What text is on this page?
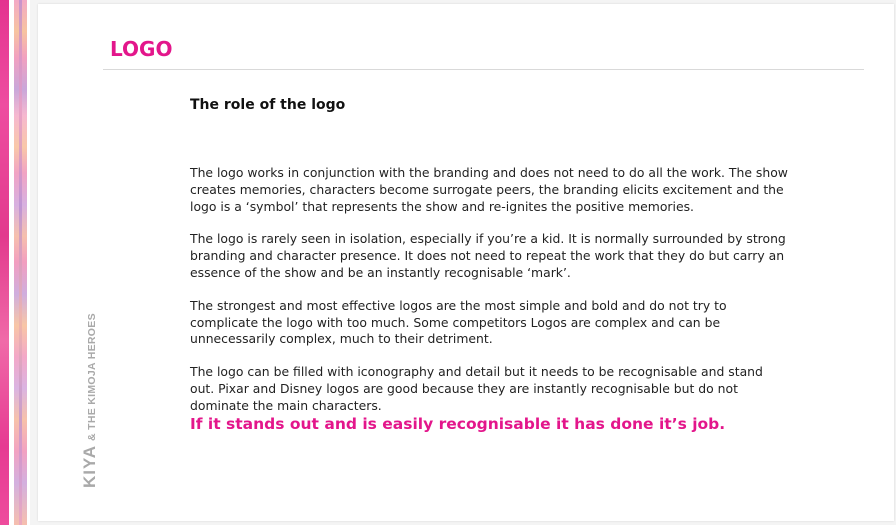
KIYA& THE KIMOJA HEROES
LOGO
The role of the logo

The logo works in conjunction with the branding and does not need to do all the work. The show creates memories, characters become surrogate peers, the branding elicits excitement and the logo is a ‘symbol’ that represents the show and re-ignites the positive memories.

The logo is rarely seen in isolation, especially if you’re a kid. It is normally surrounded by strong branding and character presence. It does not need to repeat the work that they do but carry an essence of the show and be an instantly recognisable ‘mark’.

The strongest and most effective logos are the most simple and bold and do not try to complicate the logo with too much. Some competitors Logos are complex and can be unnecessarily complex, much to their detriment.

The logo can be filled with iconography and detail but it needs to be recognisable and stand out. Pixar and Disney logos are good because they are instantly recognisable but do not dominate the main characters.

If it stands out and is easily recognisable it has done it’s job.
